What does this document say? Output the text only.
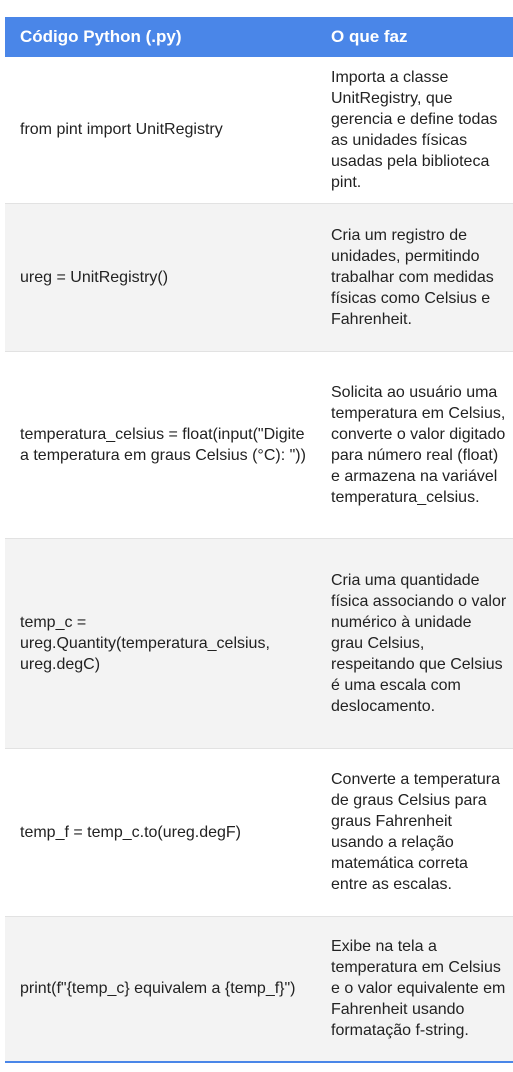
Código Python (.py)	O que faz
from pint import UnitRegistry	Importa a classe UnitRegistry, que gerencia e define todas as unidades físicas usadas pela biblioteca pint.
ureg = UnitRegistry()	Cria um registro de unidades, permitindo trabalhar com medidas físicas como Celsius e Fahrenheit.
temperatura_celsius = float(input("Digite a temperatura em graus Celsius (°C): "))	Solicita ao usuário uma temperatura em Celsius, converte o valor digitado para número real (float) e armazena na variável temperatura_celsius.
temp_c = ureg.Quantity(temperatura_celsius, ureg.degC)	Cria uma quantidade física associando o valor numérico à unidade grau Celsius, respeitando que Celsius é uma escala com deslocamento.
temp_f = temp_c.to(ureg.degF)	Converte a temperatura de graus Celsius para graus Fahrenheit usando a relação matemática correta entre as escalas.
print(f"{temp_c} equivalem a {temp_f}")	Exibe na tela a temperatura em Celsius e o valor equivalente em Fahrenheit usando formatação f-string.
